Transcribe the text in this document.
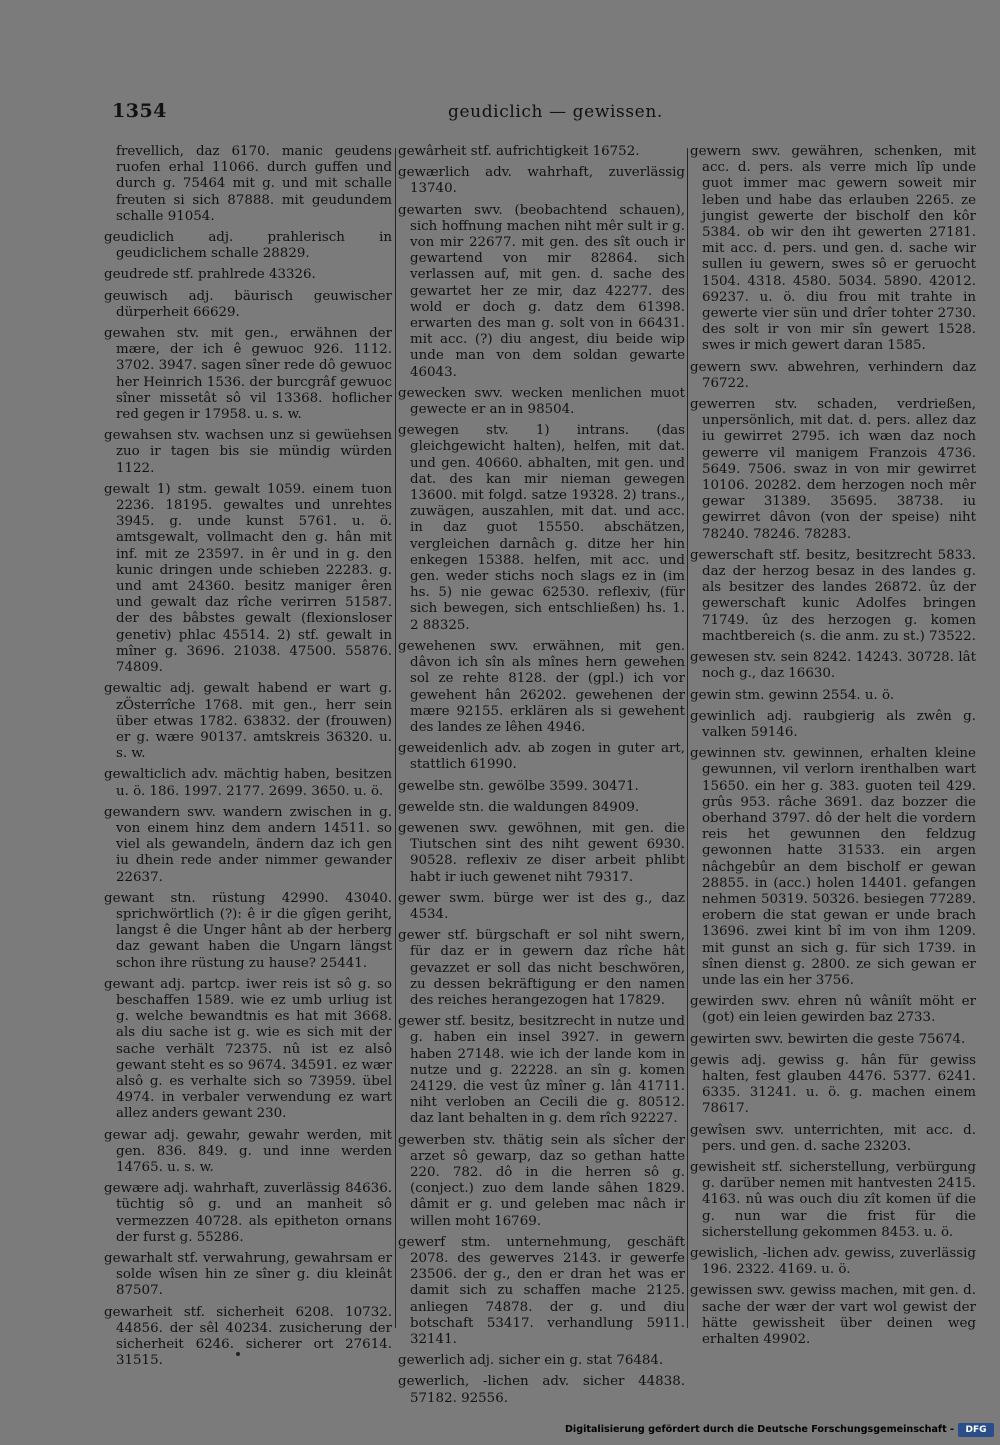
1354	geudiclich — gewissen.

frevellich, daz 6170. manic geudens ruofen erhal 11066. durch guffen und durch g. 75464 mit g. und mit schalle freuten si sich 87888. mit geudundem schalle 91054.

geudiclich adj. prahlerisch in geudiclichem schalle 28829.

geudrede stf. prahlrede 43326.

geuwisch adj. bäurisch geuwischer dürperheit 66629.

gewahen stv. mit gen., erwähnen der mære, der ich ê gewuoc 926. 1112. 3702. 3947. sagen sîner rede dô gewuoc her Heinrich 1536. der burcgrâf gewuoc sîner missetât sô vil 13368. hoflicher red gegen ir 17958. u. s. w.

gewahsen stv. wachsen unz si gewüehsen zuo ir tagen bis sie mündig würden 1122.

gewalt 1) stm. gewalt 1059. einem tuon 2236. 18195. gewaltes und unrehtes 3945. g. unde kunst 5761. u. ö. amtsgewalt, vollmacht den g. hân mit inf. mit ze 23597. in êr und in g. den kunic dringen unde schieben 22283. g. und amt 24360. besitz maniger êren und gewalt daz rîche verirren 51587. der des bâbstes gewalt (flexionsloser genetiv) phlac 45514. 2) stf. gewalt in mîner g. 3696. 21038. 47500. 55876. 74809.

gewaltic adj. gewalt habend er wart g. zÖsterrîche 1768. mit gen., herr sein über etwas 1782. 63832. der (frouwen) er g. wære 90137. amtskreis 36320. u. s. w.

gewalticlich adv. mächtig haben, besitzen u. ö. 186. 1997. 2177. 2699. 3650. u. ö.

gewandern swv. wandern zwischen in g. von einem hinz dem andern 14511. so viel als gewandeln, ändern daz ich gen iu dhein rede ander nimmer gewander 22637.

gewant stn. rüstung 42990. 43040. sprichwörtlich (?): ê ir die gîgen geriht, langst ê die Unger hânt ab der herberg daz gewant haben die Ungarn längst schon ihre rüstung zu hause? 25441.

gewant adj. partcp. iwer reis ist sô g. so beschaffen 1589. wie ez umb urliug ist g. welche bewandtnis es hat mit 3668. als diu sache ist g. wie es sich mit der sache verhält 72375. nû ist ez alsô gewant steht es so 9674. 34591. ez wær alsô g. es verhalte sich so 73959. übel 4974. in verbaler verwendung ez wart allez anders gewant 230.

gewar adj. gewahr, gewahr werden, mit gen. 836. 849. g. und inne werden 14765. u. s. w.

gewære adj. wahrhaft, zuverlässig 84636. tüchtig sô g. und an manheit sô vermezzen 40728. als epitheton ornans der furst g. 55286.

gewarhalt stf. verwahrung, gewahrsam er solde wîsen hin ze sîner g. diu kleinât 87507.

gewarheit stf. sicherheit 6208. 10732. 44856. der sêl 40234. zusicherung der sicherheit 6246. sicherer ort 27614. 31515.

gewârheit stf. aufrichtigkeit 16752.

gewærlich adv. wahrhaft, zuverlässig 13740.

gewarten swv. (beobachtend schauen), sich hoffnung machen niht mêr sult ir g. von mir 22677. mit gen. des sît ouch ir gewartend von mir 82864. sich verlassen auf, mit gen. d. sache des gewartet her ze mir, daz 42277. des wold er doch g. datz dem 61398. erwarten des man g. solt von in 66431. mit acc. (?) diu angest, diu beide wip unde man von dem soldan gewarte 46043.

gewecken swv. wecken menlichen muot gewecte er an in 98504.

gewegen stv. 1) intrans. (das gleichgewicht halten), helfen, mit dat. und gen. 40660. abhalten, mit gen. und dat. des kan mir nieman gewegen 13600. mit folgd. satze 19328. 2) trans., zuwägen, auszahlen, mit dat. und acc. in daz guot 15550. abschätzen, vergleichen darnâch g. ditze her hin enkegen 15388. helfen, mit acc. und gen. weder stichs noch slags ez in (im hs. 5) nie gewac 62530. reflexiv, (für sich bewegen, sich entschließen) hs. 1. 2 88325.

gewehenen swv. erwähnen, mit gen. dâvon ich sîn als mînes hern gewehen sol ze rehte 8128. der (gpl.) ich vor gewehent hân 26202. gewehenen der mære 92155. erklären als si gewehent des landes ze lêhen 4946.

geweidenlich adv. ab zogen in guter art, stattlich 61990.

gewelbe stn. gewölbe 3599. 30471.

gewelde stn. die waldungen 84909.

gewenen swv. gewöhnen, mit gen. die Tiutschen sint des niht gewent 6930. 90528. reflexiv ze diser arbeit phlibt habt ir iuch gewenet niht 79317.

gewer swm. bürge wer ist des g., daz 4534.

gewer stf. bürgschaft er sol niht swern, für daz er in gewern daz rîche hât gevazzet er soll das nicht beschwören, zu dessen bekräftigung er den namen des reiches herangezogen hat 17829.

gewer stf. besitz, besitzrecht in nutze und g. haben ein insel 3927. in gewern haben 27148. wie ich der lande kom in nutze und g. 22228. an sîn g. komen 24129. die vest ûz mîner g. lân 41711. niht verloben an Cecili die g. 80512. daz lant behalten in g. dem rîch 92227.

gewerben stv. thätig sein als sîcher der arzet sô gewarp, daz so gethan hatte 220. 782. dô in die herren sô g. (conject.) zuo dem lande sâhen 1829. dâmit er g. und geleben mac nâch ir willen moht 16769.

gewerf stm. unternehmung, geschäft 2078. des gewerves 2143. ir gewerfe 23506. der g., den er dran het was er damit sich zu schaffen mache 2125. anliegen 74878. der g. und diu botschaft 53417. verhandlung 5911. 32141.

gewerlich adj. sicher ein g. stat 76484.

gewerlich, -lichen adv. sicher 44838. 57182. 92556.

gewern swv. gewähren, schenken, mit acc. d. pers. als verre mich lîp unde guot immer mac gewern soweit mir leben und habe das erlauben 2265. ze jungist gewerte der bischolf den kôr 5384. ob wir den iht gewerten 27181. mit acc. d. pers. und gen. d. sache wir sullen iu gewern, swes sô er geruocht 1504. 4318. 4580. 5034. 5890. 42012. 69237. u. ö. diu frou mit trahte in gewerte vier sün und drîer tohter 2730. des solt ir von mir sîn gewert 1528. swes ir mich gewert daran 1585.

gewern swv. abwehren, verhindern daz 76722.

gewerren stv. schaden, verdrießen, unpersönlich, mit dat. d. pers. allez daz iu gewirret 2795. ich wæn daz noch gewerre vil manigem Franzois 4736. 5649. 7506. swaz in von mir gewirret 10106. 20282. dem herzogen noch mêr gewar 31389. 35695. 38738. iu gewirret dâvon (von der speise) niht 78240. 78246. 78283.

gewerschaft stf. besitz, besitzrecht 5833. daz der herzog besaz in des landes g. als besitzer des landes 26872. ûz der gewerschaft kunic Adolfes bringen 71749. ûz des herzogen g. komen machtbereich (s. die anm. zu st.) 73522.

gewesen stv. sein 8242. 14243. 30728. lât noch g., daz 16630.

gewin stm. gewinn 2554. u. ö.

gewinlich adj. raubgierig als zwên g. valken 59146.

gewinnen stv. gewinnen, erhalten kleine gewunnen, vil verlorn irenthalben wart 15650. ein her g. 383. guoten teil 429. grûs 953. râche 3691. daz bozzer die oberhand 3797. dô der helt die vordern reis het gewunnen den feldzug gewonnen hatte 31533. ein argen nâchgebûr an dem bischolf er gewan 28855. in (acc.) holen 14401. gefangen nehmen 50319. 50326. besiegen 77289. erobern die stat gewan er unde brach 13696. zwei kint bî im von ihm 1209. mit gunst an sich g. für sich 1739. in sînen dienst g. 2800. ze sich gewan er unde las ein her 3756.

gewirden swv. ehren nû wâniît möht er (got) ein leien gewirden baz 2733.

gewirten swv. bewirten die geste 75674.

gewis adj. gewiss g. hân für gewiss halten, fest glauben 4476. 5377. 6241. 6335. 31241. u. ö. g. machen einem 78617.

gewîsen swv. unterrichten, mit acc. d. pers. und gen. d. sache 23203.

gewisheit stf. sicherstellung, verbürgung g. darüber nemen mit hantvesten 2415. 4163. nû was ouch diu zît komen üf die g. nun war die frist für die sicherstellung gekommen 8453. u. ö.

gewislich, -lichen adv. gewiss, zuverlässig 196. 2322. 4169. u. ö.

gewissen swv. gewiss machen, mit gen. d. sache der wær der vart wol gewist der hätte gewissheit über deinen weg erhalten 49902.

Digitalisierung gefördert durch die Deutsche Forschungsgemeinschaft -	DFG
